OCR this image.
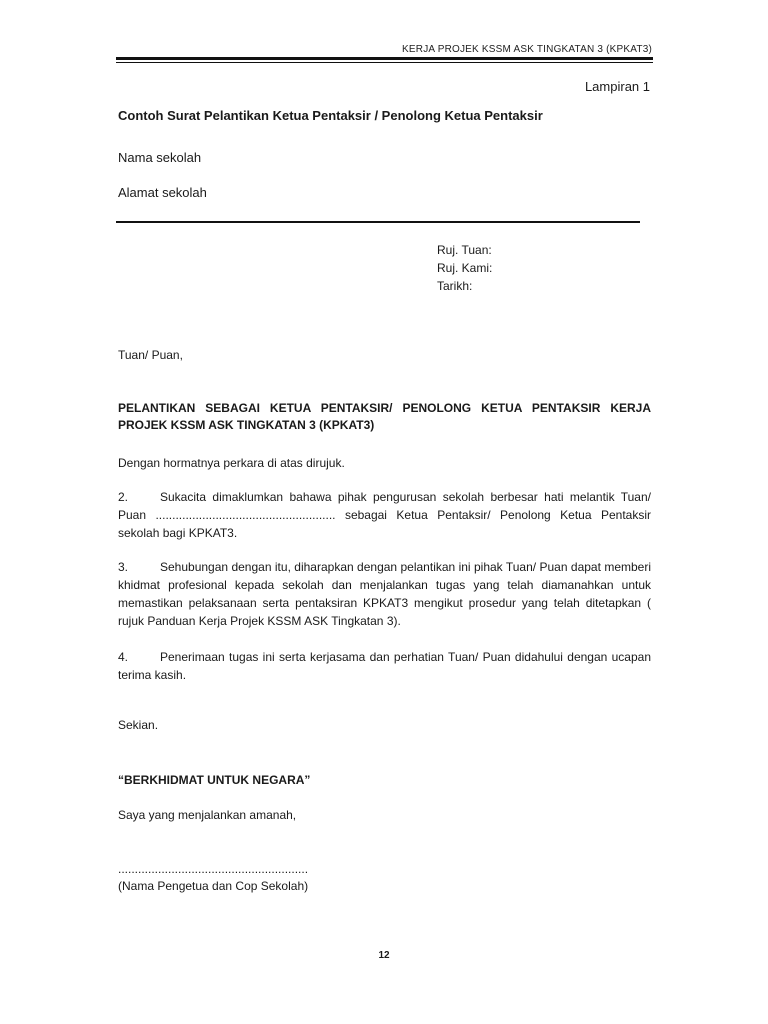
KERJA PROJEK KSSM ASK TINGKATAN 3 (KPKAT3)

Lampiran 1

Contoh Surat Pelantikan Ketua Pentaksir / Penolong Ketua Pentaksir

Nama sekolah

Alamat sekolah

Ruj. Tuan:
Ruj. Kami:
Tarikh:

Tuan/ Puan,

PELANTIKAN SEBAGAI KETUA PENTAKSIR/ PENOLONG KETUA PENTAKSIR KERJA PROJEK KSSM ASK TINGKATAN 3 (KPKAT3)

Dengan hormatnya perkara di atas dirujuk.

2.	Sukacita dimaklumkan bahawa pihak pengurusan sekolah berbesar hati melantik Tuan/ Puan ...................................................... sebagai Ketua Pentaksir/ Penolong Ketua Pentaksir sekolah bagi KPKAT3.

3.	Sehubungan dengan itu, diharapkan dengan pelantikan ini pihak Tuan/ Puan dapat memberi khidmat profesional kepada sekolah dan menjalankan tugas yang telah diamanahkan untuk memastikan pelaksanaan serta pentaksiran KPKAT3 mengikut prosedur yang telah ditetapkan ( rujuk Panduan Kerja Projek KSSM ASK Tingkatan 3).

4.	Penerimaan tugas ini serta kerjasama dan perhatian Tuan/ Puan didahului dengan ucapan terima kasih.

Sekian.

“BERKHIDMAT UNTUK NEGARA”

Saya yang menjalankan amanah,

.........................................................

(Nama Pengetua dan Cop Sekolah)

12
